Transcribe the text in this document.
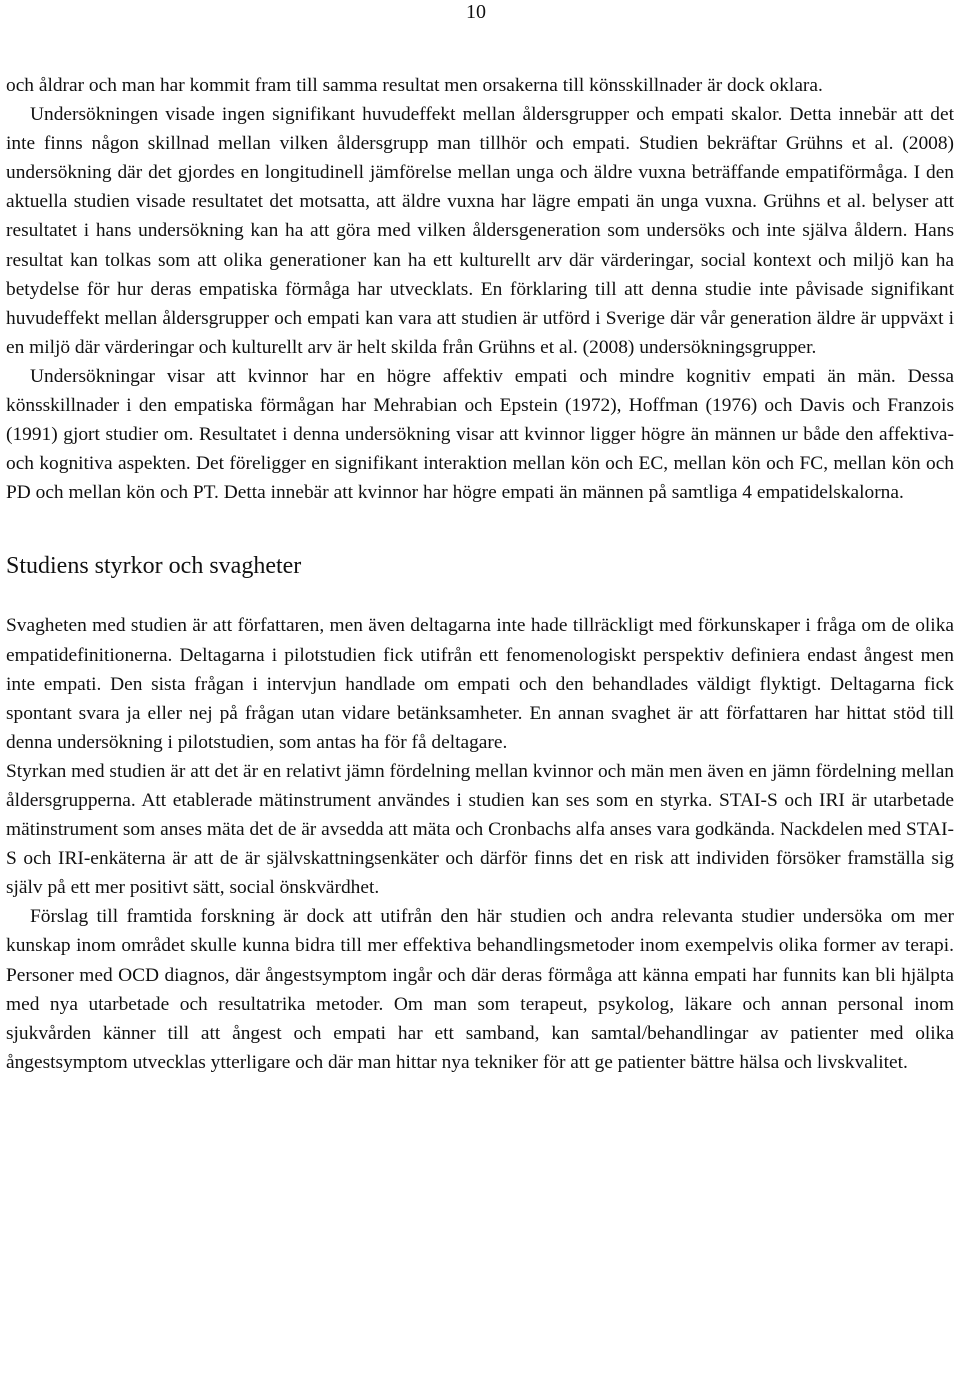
10

och åldrar och man har kommit fram till samma resultat men orsakerna till könsskillnader är dock oklara.

Undersökningen visade ingen signifikant huvudeffekt mellan åldersgrupper och empati skalor. Detta innebär att det inte finns någon skillnad mellan vilken åldersgrupp man tillhör och empati. Studien bekräftar Grühns et al. (2008) undersökning där det gjordes en longitudinell jämförelse mellan unga och äldre vuxna beträffande empatiförmåga. I den aktuella studien visade resultatet det motsatta, att äldre vuxna har lägre empati än unga vuxna. Grühns et al. belyser att resultatet i hans undersökning kan ha att göra med vilken åldersgeneration som undersöks och inte själva åldern. Hans resultat kan tolkas som att olika generationer kan ha ett kulturellt arv där värderingar, social kontext och miljö kan ha betydelse för hur deras empatiska förmåga har utvecklats. En förklaring till att denna studie inte påvisade signifikant huvudeffekt mellan åldersgrupper och empati kan vara att studien är utförd i Sverige där vår generation äldre är uppväxt i en miljö där värderingar och kulturellt arv är helt skilda från Grühns et al. (2008) undersökningsgrupper.

Undersökningar visar att kvinnor har en högre affektiv empati och mindre kognitiv empati än män. Dessa könsskillnader i den empatiska förmågan har Mehrabian och Epstein (1972), Hoffman (1976) och Davis och Franzois (1991) gjort studier om. Resultatet i denna undersökning visar att kvinnor ligger högre än männen ur både den affektiva- och kognitiva aspekten. Det föreligger en signifikant interaktion mellan kön och EC, mellan kön och FC, mellan kön och PD och mellan kön och PT. Detta innebär att kvinnor har högre empati än männen på samtliga 4 empatidelskalorna.

Studiens styrkor och svagheter

Svagheten med studien är att författaren, men även deltagarna inte hade tillräckligt med förkunskaper i fråga om de olika empatidefinitionerna. Deltagarna i pilotstudien fick utifrån ett fenomenologiskt perspektiv definiera endast ångest men inte empati. Den sista frågan i intervjun handlade om empati och den behandlades väldigt flyktigt. Deltagarna fick spontant svara ja eller nej på frågan utan vidare betänksamheter. En annan svaghet är att författaren har hittat stöd till denna undersökning i pilotstudien, som antas ha för få deltagare.

Styrkan med studien är att det är en relativt jämn fördelning mellan kvinnor och män men även en jämn fördelning mellan åldersgrupperna. Att etablerade mätinstrument användes i studien kan ses som en styrka. STAI-S och IRI är utarbetade mätinstrument som anses mäta det de är avsedda att mäta och Cronbachs alfa anses vara godkända. Nackdelen med STAI-S och IRI-enkäterna är att de är självskattningsenkäter och därför finns det en risk att individen försöker framställa sig själv på ett mer positivt sätt, social önskvärdhet.

Förslag till framtida forskning är dock att utifrån den här studien och andra relevanta studier undersöka om mer kunskap inom området skulle kunna bidra till mer effektiva behandlingsmetoder inom exempelvis olika former av terapi. Personer med OCD diagnos, där ångestsymptom ingår och där deras förmåga att känna empati har funnits kan bli hjälpta med nya utarbetade och resultatrika metoder. Om man som terapeut, psykolog, läkare och annan personal inom sjukvården känner till att ångest och empati har ett samband, kan samtal/behandlingar av patienter med olika ångestsymptom utvecklas ytterligare och där man hittar nya tekniker för att ge patienter bättre hälsa och livskvalitet.
